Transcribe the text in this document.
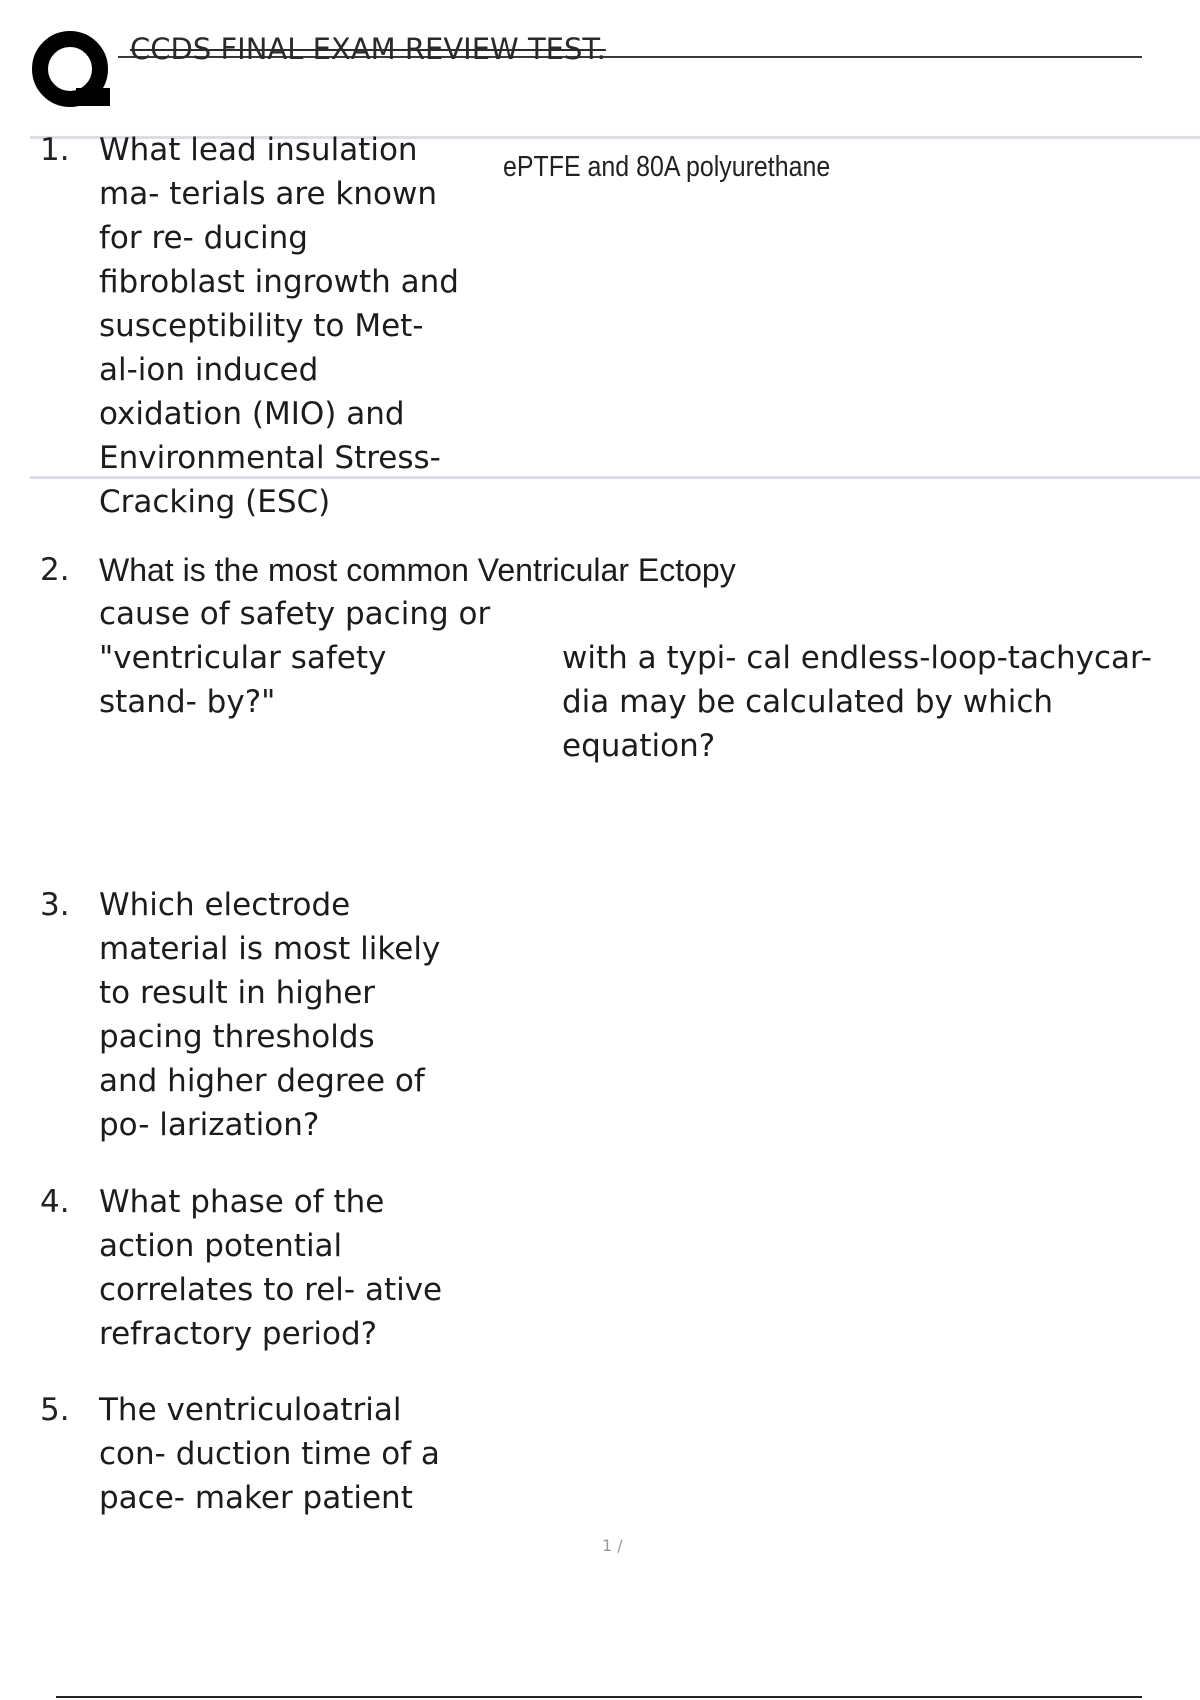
CCDS FINAL EXAM REVIEW TEST.
1. What lead insulation
ma- terials are known
for re- ducing
fibroblast ingrowth and
susceptibility to Met-
al-ion induced
oxidation (MIO) and
Environmental Stress-
Cracking (ESC)
ePTFE and 80A polyurethane
2. What is the most common Ventricular Ectopy
cause of safety pacing or
"ventricular safety
stand- by?"
with a typi- cal endless-loop-tachycar-
dia may be calculated by which
equation?
3. Which electrode
material is most likely
to result in higher
pacing thresholds
and higher degree of
po- larization?
4. What phase of the
action potential
correlates to rel- ative
refractory period?
5. The ventriculoatrial
con- duction time of a
pace- maker patient
1 /
